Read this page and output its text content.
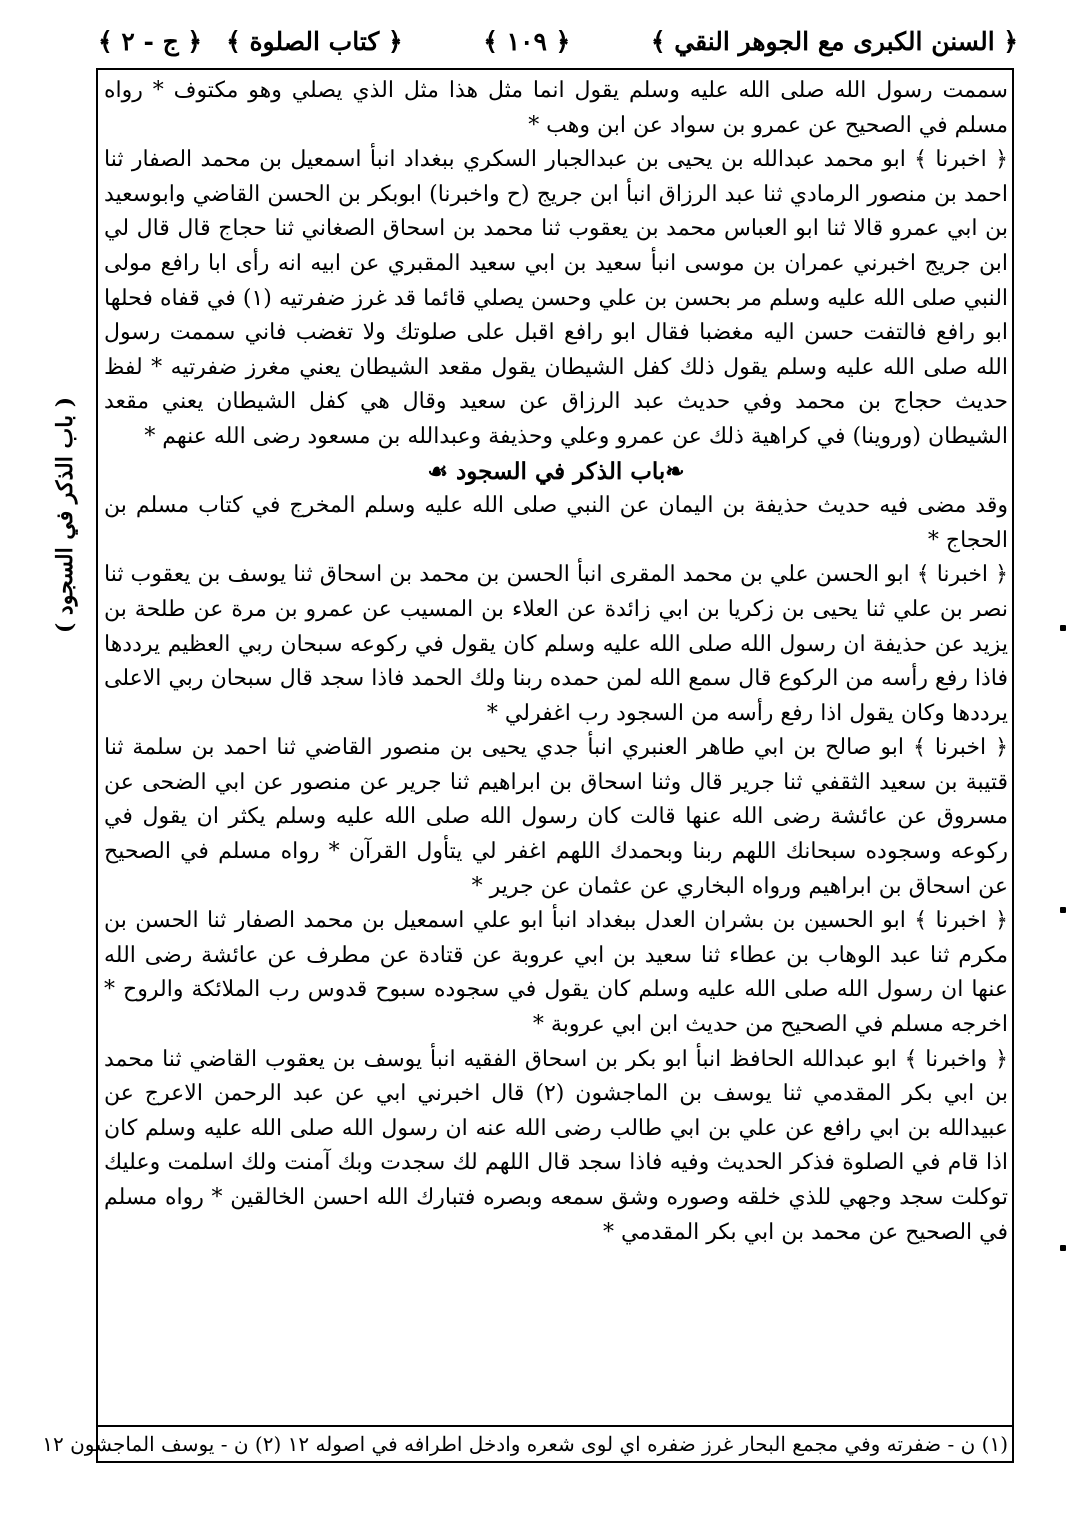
﴿ السنن الكبرى مع الجوهر النقي ﴾
﴿ ١٠٩ ﴾
﴿ كتاب الصلوة ﴾
﴿ ج - ٢ ﴾

سممت رسول الله صلى الله عليه وسلم يقول انما مثل هذا مثل الذي يصلي وهو مكتوف * رواه مسلم في الصحيح عن عمرو بن سواد عن ابن وهب *

﴿ اخبرنا ﴾ ابو محمد عبدالله بن يحيى بن عبدالجبار السكري ببغداد انبأ اسمعيل بن محمد الصفار ثنا احمد بن منصور الرمادي ثنا عبد الرزاق انبأ ابن جريج (ح واخبرنا) ابوبكر بن الحسن القاضي وابوسعيد بن ابي عمرو قالا ثنا ابو العباس محمد بن يعقوب ثنا محمد بن اسحاق الصغاني ثنا حجاج قال قال لي ابن جريج اخبرني عمران بن موسى انبأ سعيد بن ابي سعيد المقبري عن ابيه انه رأى ابا رافع مولى النبي صلى الله عليه وسلم مر بحسن بن علي وحسن يصلي قائما قد غرز ضفرتيه (١) في قفاه فحلها ابو رافع فالتفت حسن اليه مغضبا فقال ابو رافع اقبل على صلوتك ولا تغضب فاني سممت رسول الله صلى الله عليه وسلم يقول ذلك كفل الشيطان يقول مقعد الشيطان يعني مغرز ضفرتيه * لفظ حديث حجاج بن محمد وفي حديث عبد الرزاق عن سعيد وقال هي كفل الشيطان يعني مقعد الشيطان (وروينا) في كراهية ذلك عن عمرو وعلي وحذيفة وعبدالله بن مسعود رضى الله عنهم *

❧ باب الذكر في السجود ☙

وقد مضى فيه حديث حذيفة بن اليمان عن النبي صلى الله عليه وسلم المخرج في كتاب مسلم بن الحجاج *

﴿ اخبرنا ﴾ ابو الحسن علي بن محمد المقرى انبأ الحسن بن محمد بن اسحاق ثنا يوسف بن يعقوب ثنا نصر بن علي ثنا يحيى بن زكريا بن ابي زائدة عن العلاء بن المسيب عن عمرو بن مرة عن طلحة بن يزيد عن حذيفة ان رسول الله صلى الله عليه وسلم كان يقول في ركوعه سبحان ربي العظيم يرددها فاذا رفع رأسه من الركوع قال سمع الله لمن حمده ربنا ولك الحمد فاذا سجد قال سبحان ربي الاعلى يرددها وكان يقول اذا رفع رأسه من السجود رب اغفرلي *

﴿ اخبرنا ﴾ ابو صالح بن ابي طاهر العنبري انبأ جدي يحيى بن منصور القاضي ثنا احمد بن سلمة ثنا قتيبة بن سعيد الثقفي ثنا جرير قال وثنا اسحاق بن ابراهيم ثنا جرير عن منصور عن ابي الضحى عن مسروق عن عائشة رضى الله عنها قالت كان رسول الله صلى الله عليه وسلم يكثر ان يقول في ركوعه وسجوده سبحانك اللهم ربنا وبحمدك اللهم اغفر لي يتأول القرآن * رواه مسلم في الصحيح عن اسحاق بن ابراهيم ورواه البخاري عن عثمان عن جرير *

﴿ اخبرنا ﴾ ابو الحسين بن بشران العدل ببغداد انبأ ابو علي اسمعيل بن محمد الصفار ثنا الحسن بن مكرم ثنا عبد الوهاب بن عطاء ثنا سعيد بن ابي عروبة عن قتادة عن مطرف عن عائشة رضى الله عنها ان رسول الله صلى الله عليه وسلم كان يقول في سجوده سبوح قدوس رب الملائكة والروح * اخرجه مسلم في الصحيح من حديث ابن ابي عروبة *

﴿ واخبرنا ﴾ ابو عبدالله الحافظ انبأ ابو بكر بن اسحاق الفقيه انبأ يوسف بن يعقوب القاضي ثنا محمد بن ابي بكر المقدمي ثنا يوسف بن الماجشون (٢) قال اخبرني ابي عن عبد الرحمن الاعرج عن عبيدالله بن ابي رافع عن علي بن ابي طالب رضى الله عنه ان رسول الله صلى الله عليه وسلم كان اذا قام في الصلوة فذكر الحديث وفيه فاذا سجد قال اللهم لك سجدت وبك آمنت ولك اسلمت وعليك توكلت سجد وجهي للذي خلقه وصوره وشق سمعه وبصره فتبارك الله احسن الخالقين * رواه مسلم في الصحيح عن محمد بن ابي بكر المقدمي *

(١) ن - ضفرته وفي مجمع البحار غرز ضفره اي لوى شعره وادخل اطرافه في اصوله ١٢ (٢) ن - يوسف الماجشون ١٢
( باب الذكر في السجود )
